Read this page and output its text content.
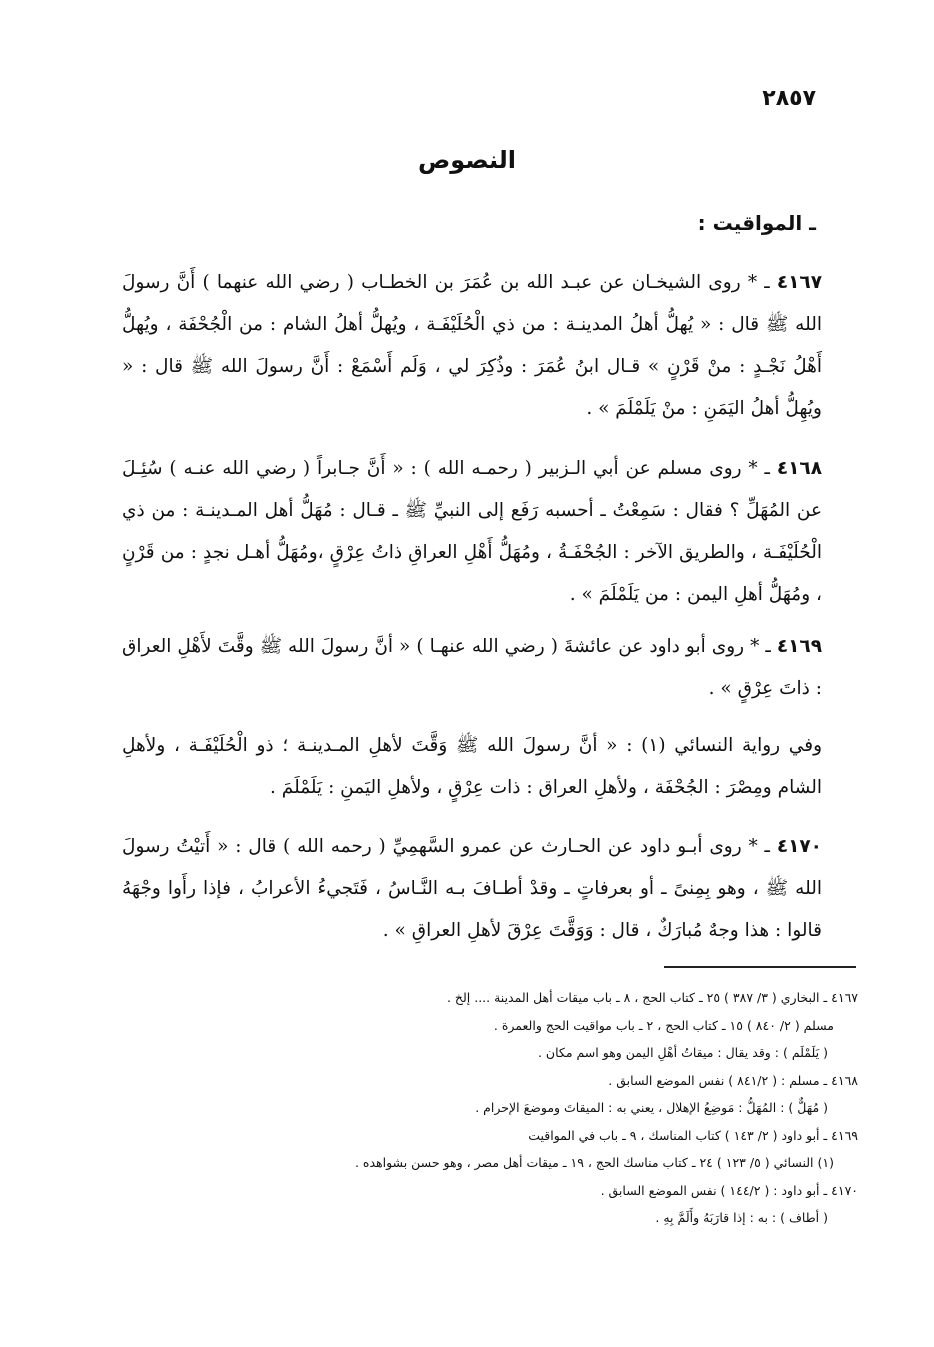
٢٨٥٧
النصوص
ـ المواقيت :
٤١٦٧ ـ * روى الشيخـان عن عبـد الله بن عُمَرَ بن الخطـاب ( رضي الله عنهما ) أَنَّ رسولَ الله ﷺ قال : « يُهلُّ أهلُ المدينـة : من ذي الْحُلَيْفَـة ، ويُهلُّ أهلُ الشام : من الْجُحْفَة ، ويُهلُّ أَهْلُ نَجْـدٍ : منْ قَرْنٍ » قـال ابنُ عُمَرَ : وذُكِرَ لي ، وَلَم أَسْمَعْ : أَنَّ رسولَ الله ﷺ قال : « ويُهِلُّ أهلُ اليَمَنِ : منْ يَلَمْلَمَ » .
٤١٦٨ ـ * روى مسلم عن أبي الـزبير ( رحمـه الله ) : « أَنَّ جـابراً ( رضي الله عنـه ) سُئِـلَ عن المُهَلِّ ؟ فقال : سَمِعْتُ ـ أحسبه رَفَع إلى النبيِّ ﷺ ـ قـال : مُهَلُّ أهل المـدينـة : من ذي الْحُلَيْفَـة ، والطريق الآخر : الجُحْفَـةُ ، ومُهَلُّ أَهْلِ العراقِ ذاتُ عِرْقٍ ،ومُهَلُّ أهـل نجدٍ : من قَرْنٍ ، ومُهَلُّ أهلِ اليمن : من يَلَمْلَمَ » .
٤١٦٩ ـ * روى أبو داود عن عائشةَ ( رضي الله عنهـا ) « أنَّ رسولَ الله ﷺ وقَّتَ لأَهْلِ العراق : ذاتَ عِرْقٍ » .
وفي رواية النسائي (١) : « أنَّ رسولَ الله ﷺ وَقَّتَ لأهلِ المـدينـة ؛ ذو الْحُلَيْفَـة ، ولأهلِ الشام ومِصْرَ : الجُحْفَة ، ولأهلِ العراق : ذات عِرْقٍ ، ولأهلِ اليَمنِ : يَلَمْلَمَ .
٤١٧٠ ـ * روى أبـو داود عن الحـارث عن عمرو السَّهمِيِّ ( رحمه الله ) قال : « أَتيْتُ رسولَ الله ﷺ ، وهو بِمِنىً ـ أو بعرفاتٍ ـ وقدْ أطـافَ بـه النَّـاسُ ، فَتَجيءُ الأعرابُ ، فإذا رأَوا وجْهَهُ قالوا : هذا وجهٌ مُبارَكٌ ، قال : وَوَقَّتَ عِرْقَ لأهلِ العراقِ » .
٤١٦٧ ـ البخاري ( ٣/ ٣٨٧ ) ٢٥ ـ كتاب الحج ، ٨ ـ باب ميقات أهل المدينة .... إلخ .
مسلم ( ٢/ ٨٤٠ ) ١٥ ـ كتاب الحج ، ٢ ـ باب مواقيت الحج والعمرة .
( يَلَمْلَم ) : وقد يقال : ميقاتُ أهْلِ اليمن وهو اسم مكان .
٤١٦٨ ـ مسلم : ( ٨٤١/٢ ) نفس الموضع السابق .
( مُهَلٌّ ) : المُهَلُّ : مَوضِعُ الإهلال ، يعني به : الميقاتَ وموضعَ الإحرام .
٤١٦٩ ـ أبو داود ( ٢/ ١٤٣ ) كتاب المناسك ، ٩ ـ باب في المواقيت
(١) النسائي ( ٥/ ١٢٣ ) ٢٤ ـ كتاب مناسك الحج ، ١٩ ـ ميقات أهل مصر ، وهو حسن بشواهده .
٤١٧٠ ـ أبو داود : ( ١٤٤/٢ ) نفس الموضع السابق .
( أطاف ) : به : إذا قارَبَهُ وأَلَمَّ بِهِ .
